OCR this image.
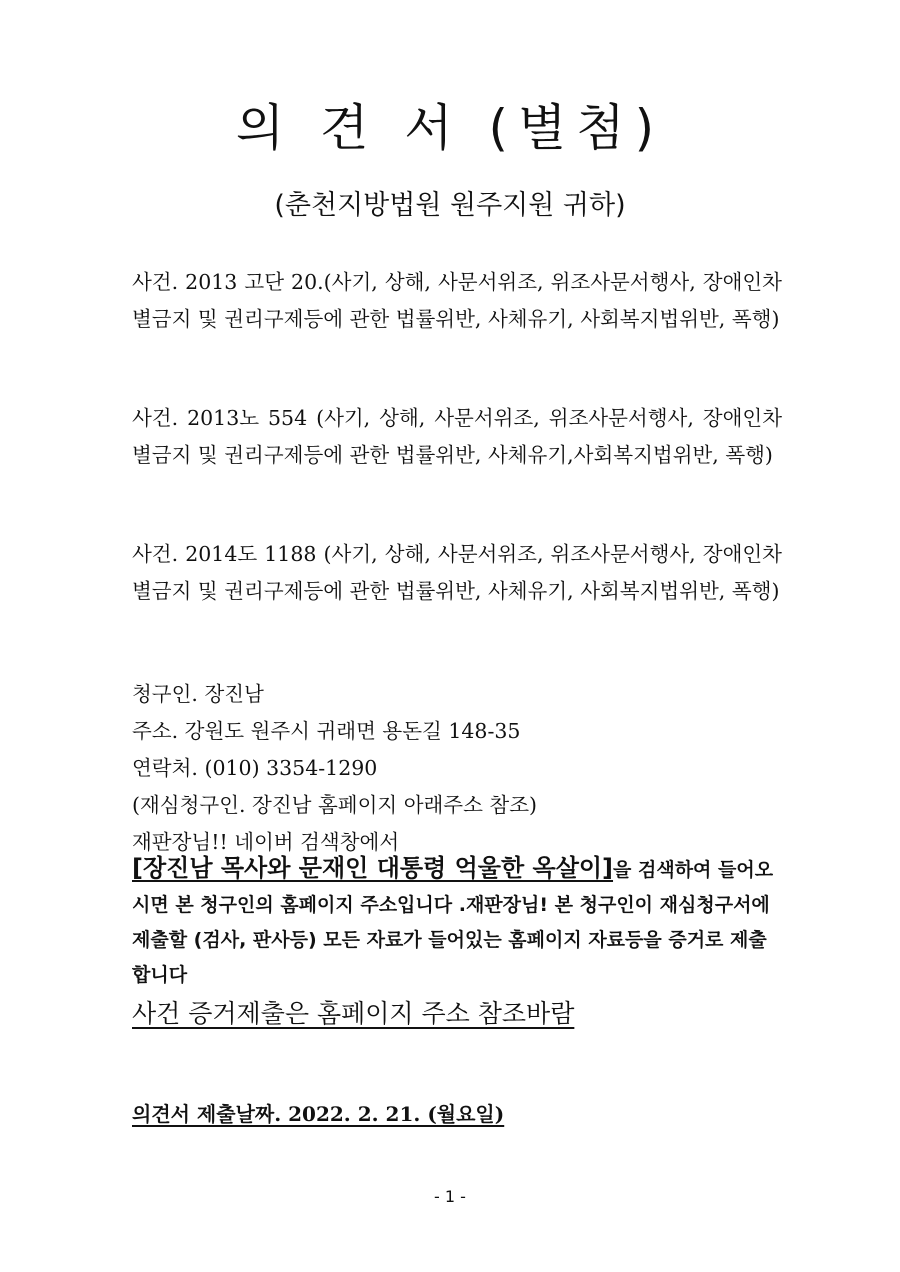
의 견 서 (별첨)

(춘천지방법원 원주지원 귀하)

사건. 2013 고단 20.(사기, 상해, 사문서위조, 위조사문서행사, 장애인차별금지 및 권리구제등에 관한 법률위반, 사체유기, 사회복지법위반, 폭행)

사건. 2013노 554 (사기, 상해, 사문서위조, 위조사문서행사, 장애인차별금지 및 권리구제등에 관한 법률위반, 사체유기,사회복지법위반, 폭행)

사건. 2014도 1188 (사기, 상해, 사문서위조, 위조사문서행사, 장애인차별금지 및 권리구제등에 관한 법률위반, 사체유기, 사회복지법위반, 폭행)

청구인. 장진남
주소. 강원도 원주시 귀래면 용돈길 148-35
연락처. (010) 3354-1290
(재심청구인. 장진남 홈페이지 아래주소 참조)
재판장님!! 네이버 검색창에서

[장진남 목사와 문재인 대통령 억울한 옥살이]을 검색하여 들어오시면 본 청구인의 홈페이지 주소입니다 .재판장님! 본 청구인이 재심청구서에 제출할 (검사, 판사등) 모든 자료가 들어있는 홈페이지 자료등을 증거로 제출합니다

사건 증거제출은 홈페이지 주소 참조바람

의견서 제출날짜. 2022. 2. 21. (월요일)

- 1 -
